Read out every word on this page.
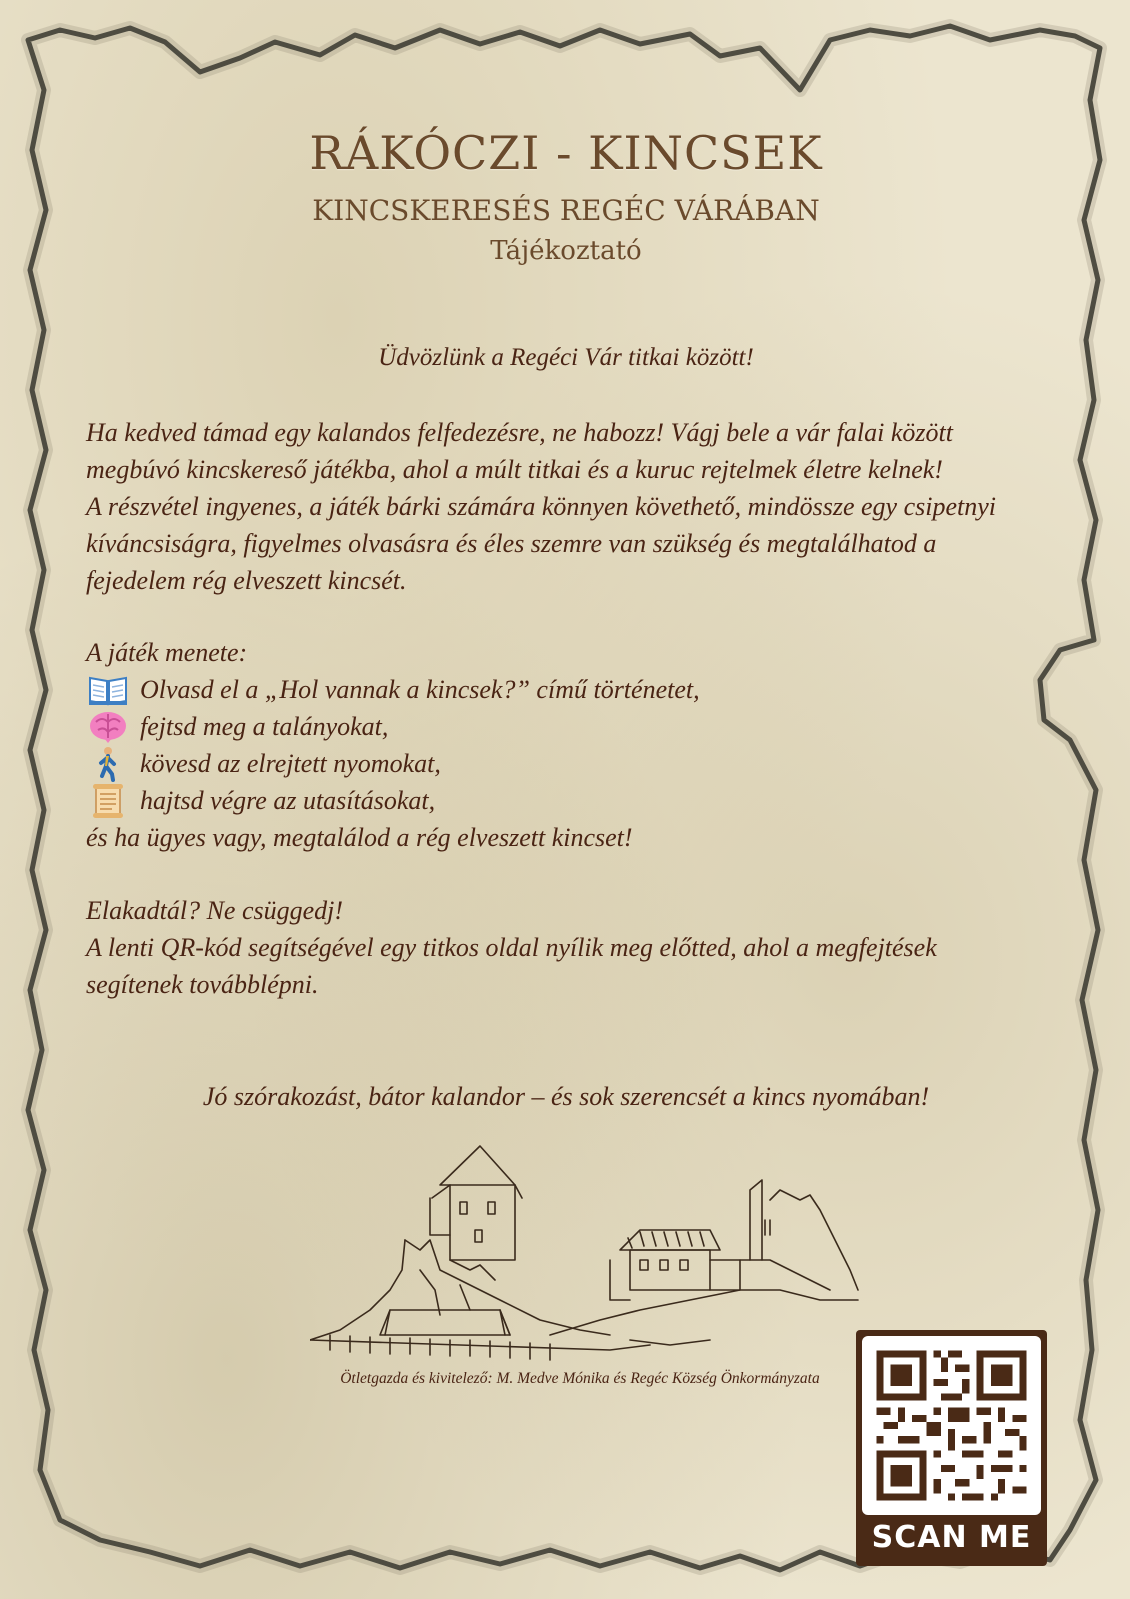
RÁKÓCZI - KINCSEK
KINCSKERESÉS REGÉC VÁRÁBAN
Tájékoztató
Üdvözlünk a Regéci Vár titkai között!
Ha kedved támad egy kalandos felfedezésre, ne habozz! Vágj bele a vár falai között
megbúvó kincskereső játékba, ahol a múlt titkai és a kuruc rejtelmek életre kelnek!
A részvétel ingyenes, a játék bárki számára könnyen követhető, mindössze egy csipetnyi
kíváncsiságra, figyelmes olvasásra és éles szemre van szükség és megtalálhatod a
fejedelem rég elveszett kincsét.
A játék menete:
Olvasd el a „Hol vannak a kincsek?” című történetet,
fejtsd meg a talányokat,
kövesd az elrejtett nyomokat,
hajtsd végre az utasításokat,
és ha ügyes vagy, megtalálod a rég elveszett kincset!
Elakadtál? Ne csüggedj!
A lenti QR-kód segítségével egy titkos oldal nyílik meg előtted, ahol a megfejtések
segítenek továbblépni.
Jó szórakozást, bátor kalandor – és sok szerencsét a kincs nyomában!
Ötletgazda és kivitelező: M. Medve Mónika és Regéc Község Önkormányzata
SCAN ME
